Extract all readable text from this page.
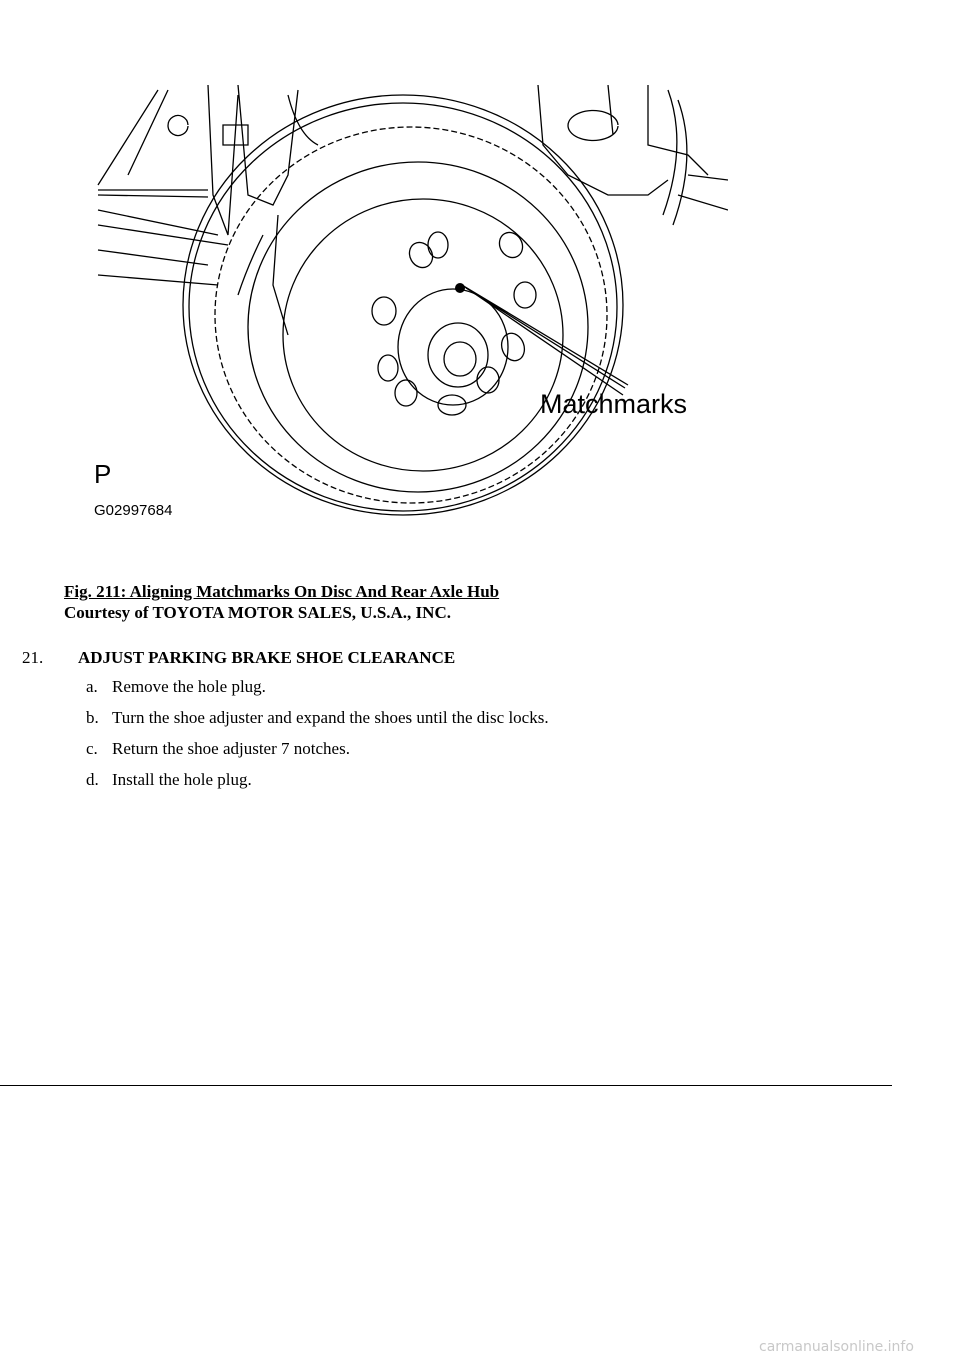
Matchmarks
P
G02997684
Fig. 211: Aligning Matchmarks On Disc And Rear Axle Hub
Courtesy of TOYOTA MOTOR SALES, U.S.A., INC.
21. ADJUST PARKING BRAKE SHOE CLEARANCE
a. Remove the hole plug.
b. Turn the shoe adjuster and expand the shoes until the disc locks.
c. Return the shoe adjuster 7 notches.
d. Install the hole plug.
carmanualsonline.info
